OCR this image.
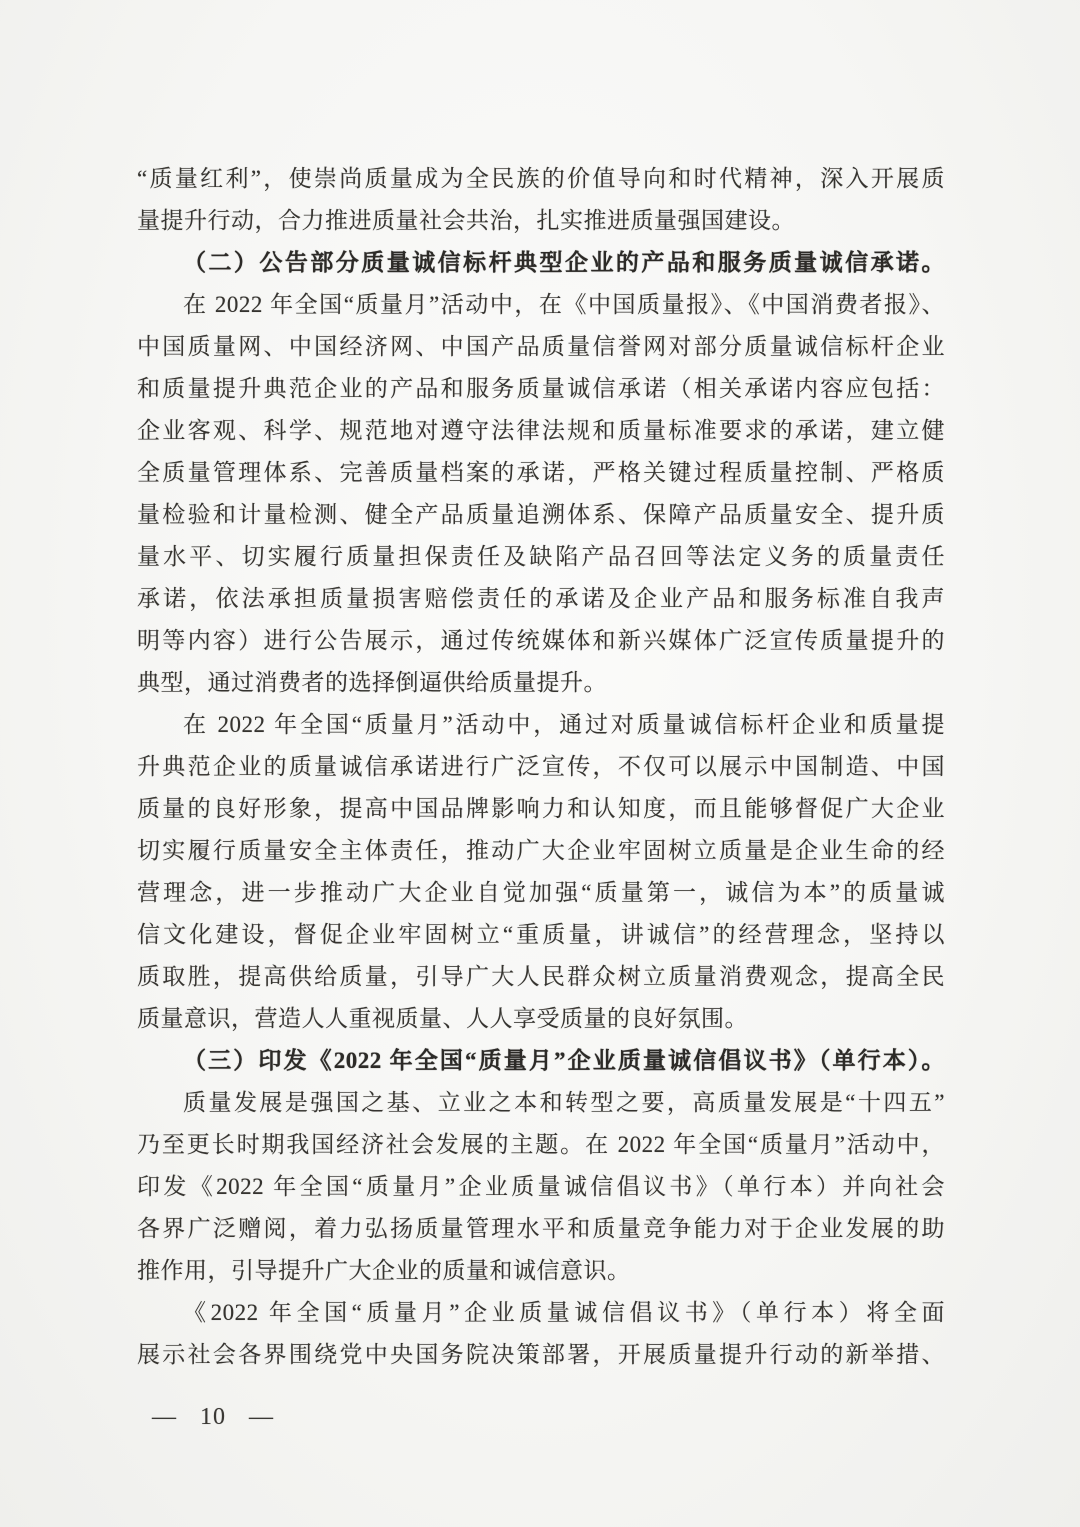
“质量红利”，使崇尚质量成为全民族的价值导向和时代精神，深入开展质
量提升行动，合力推进质量社会共治，扎实推进质量强国建设。
（二）公告部分质量诚信标杆典型企业的产品和服务质量诚信承诺。
在 2022 年全国“质量月”活动中，在《中国质量报》、《中国消费者报》、
中国质量网、中国经济网、中国产品质量信誉网对部分质量诚信标杆企业
和质量提升典范企业的产品和服务质量诚信承诺（相关承诺内容应包括：
企业客观、科学、规范地对遵守法律法规和质量标准要求的承诺，建立健
全质量管理体系、完善质量档案的承诺，严格关键过程质量控制、严格质
量检验和计量检测、健全产品质量追溯体系、保障产品质量安全、提升质
量水平、切实履行质量担保责任及缺陷产品召回等法定义务的质量责任
承诺，依法承担质量损害赔偿责任的承诺及企业产品和服务标准自我声
明等内容）进行公告展示，通过传统媒体和新兴媒体广泛宣传质量提升的
典型，通过消费者的选择倒逼供给质量提升。
在 2022 年全国“质量月”活动中，通过对质量诚信标杆企业和质量提
升典范企业的质量诚信承诺进行广泛宣传，不仅可以展示中国制造、中国
质量的良好形象，提高中国品牌影响力和认知度，而且能够督促广大企业
切实履行质量安全主体责任，推动广大企业牢固树立质量是企业生命的经
营理念，进一步推动广大企业自觉加强“质量第一，诚信为本”的质量诚
信文化建设，督促企业牢固树立“重质量，讲诚信”的经营理念，坚持以
质取胜，提高供给质量，引导广大人民群众树立质量消费观念，提高全民
质量意识，营造人人重视质量、人人享受质量的良好氛围。
（三）印发《2022 年全国“质量月”企业质量诚信倡议书》（单行本）。
质量发展是强国之基、立业之本和转型之要，高质量发展是“十四五”
乃至更长时期我国经济社会发展的主题。在 2022 年全国“质量月”活动中，
印发《2022 年全国“质量月”企业质量诚信倡议书》（单行本）并向社会
各界广泛赠阅，着力弘扬质量管理水平和质量竞争能力对于企业发展的助
推作用，引导提升广大企业的质量和诚信意识。
《2022 年全国“质量月”企业质量诚信倡议书》（单行本）将全面
展示社会各界围绕党中央国务院决策部署，开展质量提升行动的新举措、
— 10 —
